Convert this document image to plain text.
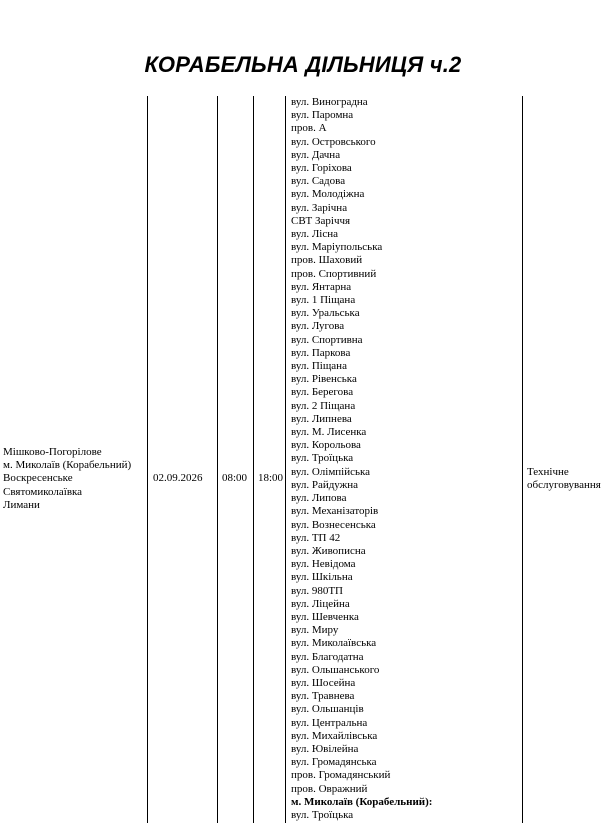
КОРАБЕЛЬНА ДІЛЬНИЦЯ ч.2
Мішково-Погорілове
м. Миколаїв (Корабельний)
Воскресенське
Святомиколаївка
Лимани
02.09.2026 08:00 18:00	Технічне
обслуговування
вул. Виноградна
вул. Паромна
пров. А
вул. Островського
вул. Дачна
вул. Горіхова
вул. Садова
вул. Молодіжна
вул. Зарічна
СВТ Заріччя
вул. Лісна
вул. Маріупольська
пров. Шаховий
пров. Спортивний
вул. Янтарна
вул. 1 Піщана
вул. Уральська
вул. Лугова
вул. Спортивна
вул. Паркова
вул. Піщана
вул. Рівенська
вул. Берегова
вул. 2 Піщана
вул. Липнева
вул. М. Лисенка
вул. Корольова
вул. Троїцька
вул. Олімпійська
вул. Райдужна
вул. Липова
вул. Механізаторів
вул. Вознесенська
вул. ТП 42
вул. Живописна
вул. Невідома
вул. Шкільна
вул. 980ТП
вул. Ліцейна
вул. Шевченка
вул. Миру
вул. Миколаївська
вул. Благодатна
вул. Ольшанського
вул. Шосейна
вул. Травнева
вул. Ольшанців
вул. Центральна
вул. Михайлівська
вул. Ювілейна
вул. Громадянська
пров. Громадянський
пров. Овражний
м. Миколаїв (Корабельний):
вул. Троїцька
